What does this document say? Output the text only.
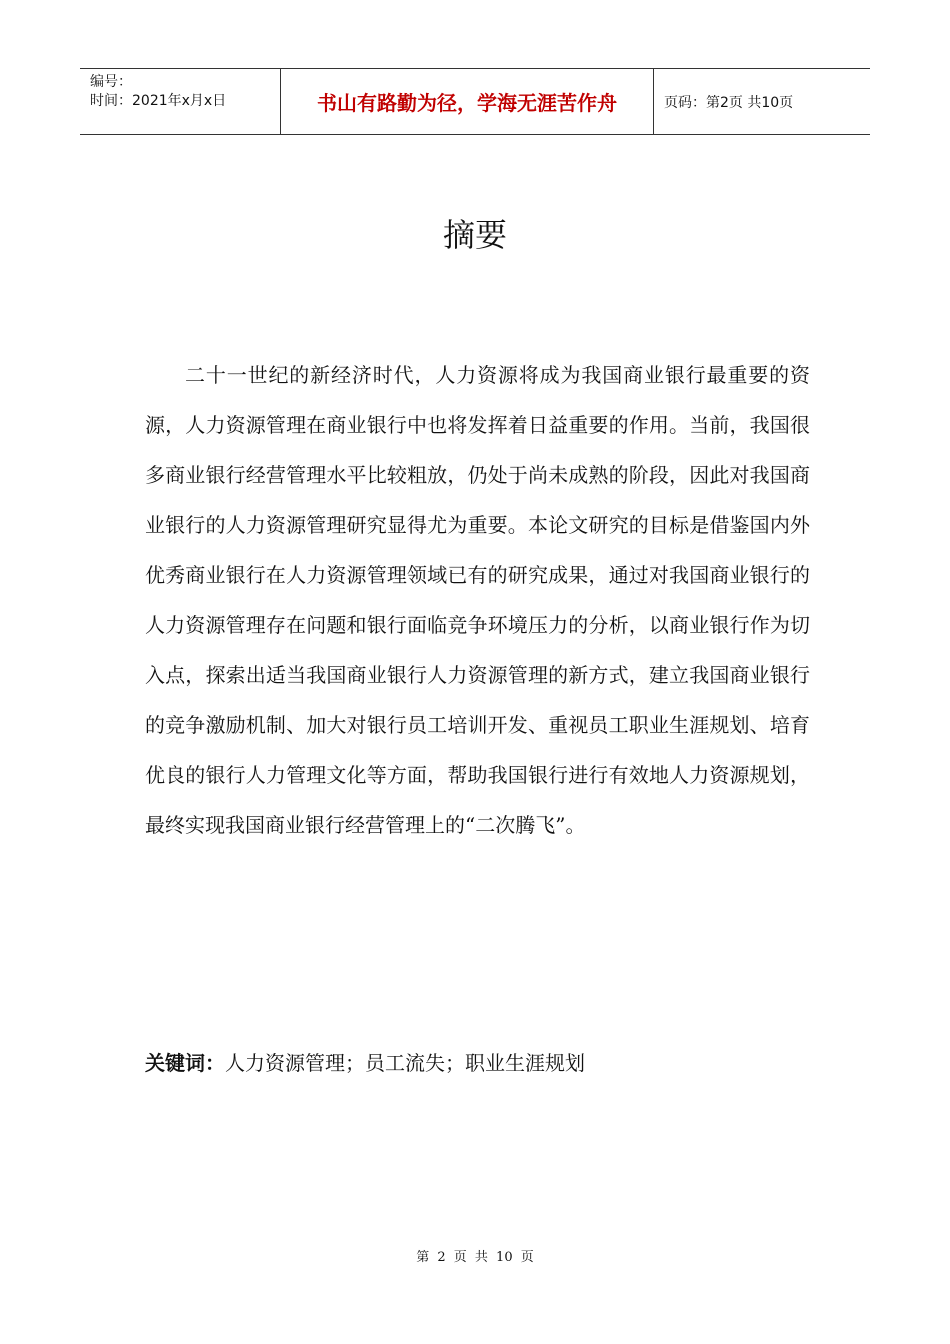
编号：
时间：2021年x月x日	书山有路勤为径，学海无涯苦作舟	页码：第2页 共10页
摘要
二十一世纪的新经济时代，人力资源将成为我国商业银行最重要的资源，人力资源管理在商业银行中也将发挥着日益重要的作用。当前，我国很多商业银行经营管理水平比较粗放，仍处于尚未成熟的阶段，因此对我国商业银行的人力资源管理研究显得尤为重要。本论文研究的目标是借鉴国内外优秀商业银行在人力资源管理领域已有的研究成果，通过对我国商业银行的人力资源管理存在问题和银行面临竞争环境压力的分析，以商业银行作为切入点，探索出适当我国商业银行人力资源管理的新方式，建立我国商业银行的竞争激励机制、加大对银行员工培训开发、重视员工职业生涯规划、培育优良的银行人力管理文化等方面，帮助我国银行进行有效地人力资源规划，最终实现我国商业银行经营管理上的“二次腾飞”。
关键词：人力资源管理；员工流失；职业生涯规划
第 2 页 共 10 页
